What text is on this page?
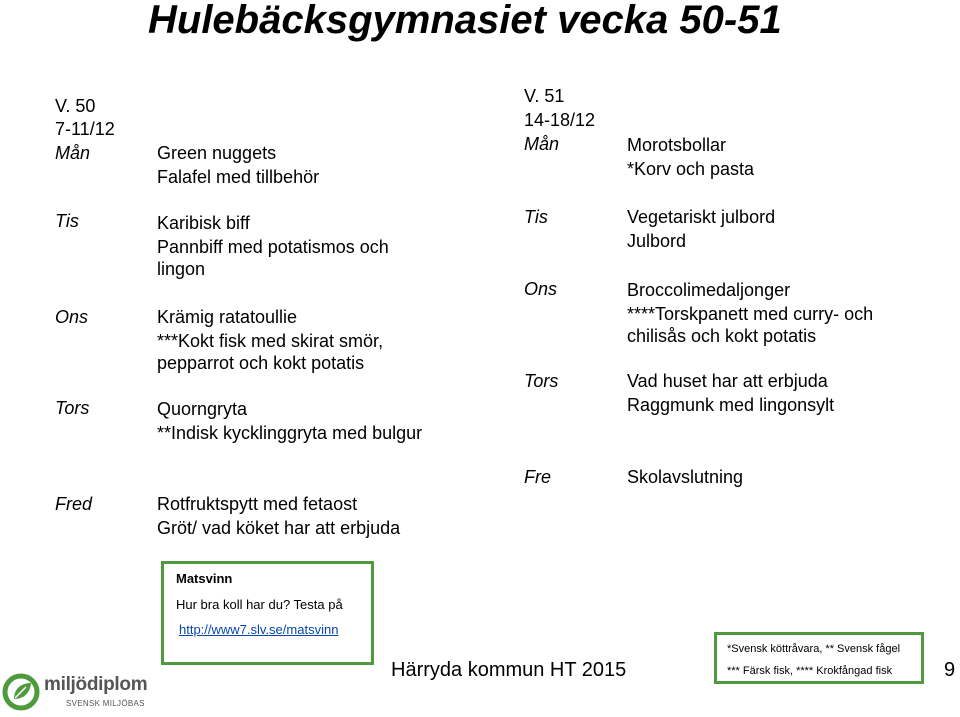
Hulebäcksgymnasiet vecka 50-51
V. 50
7-11/12
Mån	Green nuggets
Falafel med tillbehör
Tis	Karibisk biff
Pannbiff med potatismos och lingon
Ons	Krämig ratatoullie
***Kokt fisk med skirat smör, pepparrot och kokt potatis
Tors	Quorngryta
**Indisk kycklinggryta med bulgur
Fred	Rotfruktspytt med fetaost
Gröt/ vad köket har att erbjuda
V. 51
14-18/12
Mån	Morotsbollar
*Korv och pasta
Tis	Vegetariskt julbord
Julbord
Ons	Broccolimedaljonger
****Torskpanett med curry- och chilisås och kokt potatis
Tors	Vad huset har att erbjuda
Raggmunk med lingonsylt
Fre	Skolavslutning
Matsvinn
Hur bra koll har du? Testa på
http://www7.slv.se/matsvinn
*Svensk köttråvara, ** Svensk fågel
*** Färsk fisk, **** Krokfångad fisk
Härryda kommun HT 2015	9
miljödiplom
SVENSK MILJÖBAS
